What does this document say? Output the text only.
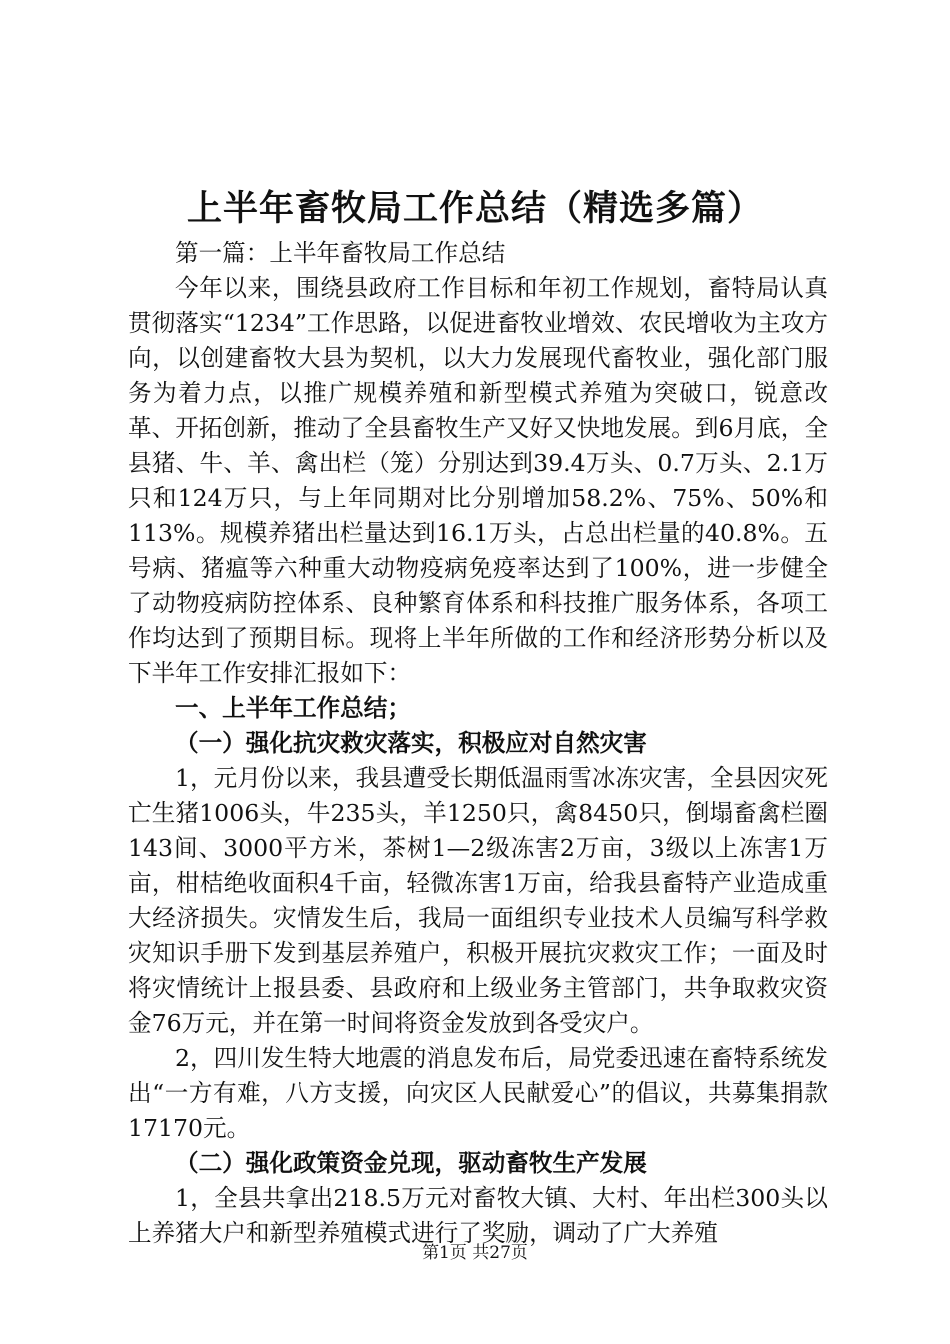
上半年畜牧局工作总结（精选多篇）

第一篇：上半年畜牧局工作总结

今年以来，围绕县政府工作目标和年初工作规划，畜特局认真贯彻落实“1234”工作思路，以促进畜牧业增效、农民增收为主攻方向，以创建畜牧大县为契机，以大力发展现代畜牧业，强化部门服务为着力点，以推广规模养殖和新型模式养殖为突破口，锐意改革、开拓创新，推动了全县畜牧生产又好又快地发展。到6月底，全县猪、牛、羊、禽出栏（笼）分别达到39.4万头、0.7万头、2.1万只和124万只，与上年同期对比分别增加58.2%、75%、50%和113%。规模养猪出栏量达到16.1万头，占总出栏量的40.8%。五号病、猪瘟等六种重大动物疫病免疫率达到了100%，进一步健全了动物疫病防控体系、良种繁育体系和科技推广服务体系，各项工作均达到了预期目标。现将上半年所做的工作和经济形势分析以及下半年工作安排汇报如下：

一、上半年工作总结；

（一）强化抗灾救灾落实，积极应对自然灾害

1，元月份以来，我县遭受长期低温雨雪冰冻灾害，全县因灾死亡生猪1006头，牛235头，羊1250只，禽8450只，倒塌畜禽栏圈143间、3000平方米，茶树1—2级冻害2万亩，3级以上冻害1万亩，柑桔绝收面积4千亩，轻微冻害1万亩，给我县畜特产业造成重大经济损失。灾情发生后，我局一面组织专业技术人员编写科学救灾知识手册下发到基层养殖户，积极开展抗灾救灾工作；一面及时将灾情统计上报县委、县政府和上级业务主管部门，共争取救灾资金76万元，并在第一时间将资金发放到各受灾户。

2，四川发生特大地震的消息发布后，局党委迅速在畜特系统发出“一方有难，八方支援，向灾区人民献爱心”的倡议，共募集捐款17170元。

（二）强化政策资金兑现，驱动畜牧生产发展

1，全县共拿出218.5万元对畜牧大镇、大村、年出栏300头以上养猪大户和新型养殖模式进行了奖励，调动了广大养殖

第1页 共27页
